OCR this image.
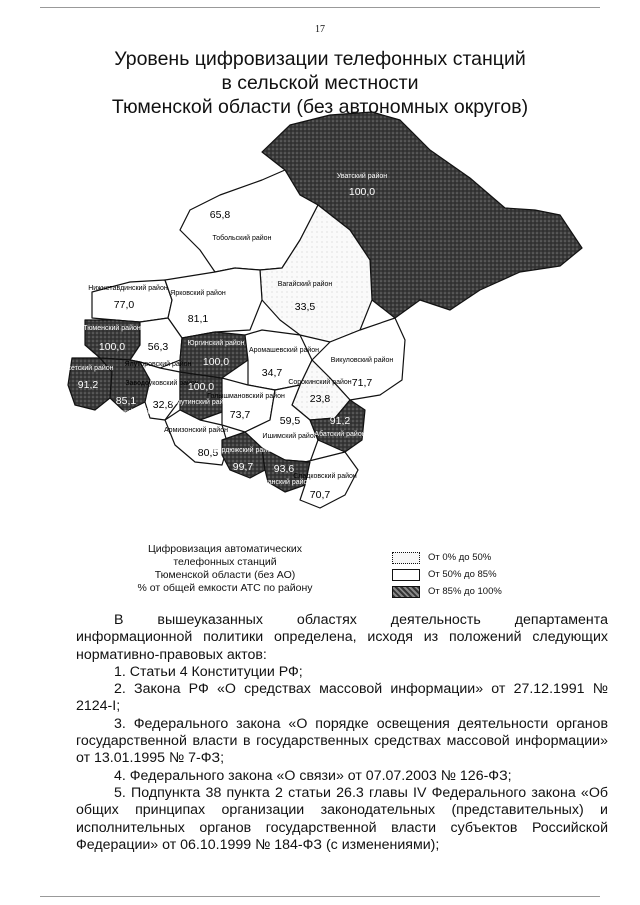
17
Уровень цифровизации телефонных станций
в сельской местности
Тюменской области (без автономных округов)
Уватский район
100,0
65,8
Тобольский район
Вагайский район
33,5
Нижнетавдинский район
77,0
Ярковский район
81,1
Тюменский район
100,0 56,3
Ялуторовский район
Исетский район
91,2
85,1
Упоровский район
Заводоуковский район
32,8
100,0
Омутинский район
Юргинский район
100,0
Аромашевский район
34,7
Викуловский район
71,7
Сорокинский район
23,8
Голышмановский район
73,7	59,5
Ишимский район
91,2
Абатский район
Армизонский район
80,5
Бердюжский район
99,7 93,6
Казанский район
Сладковский район
70,7
Цифровизация автоматических
телефонных станций
Тюменской области (без АО)
% от общей емкости АТС по району
От 0% до 50%
От 50% до 85%
От 85% до 100%

В вышеуказанных областях деятельность департамента информационной политики определена, исходя из положений следующих нормативно-правовых актов:

1. Статьи 4 Конституции РФ;

2. Закона РФ «О средствах массовой информации» от 27.12.1991 № 2124-I;

3. Федерального закона «О порядке освещения деятельности органов государственной власти в государственных средствах массовой информации» от 13.01.1995 № 7-ФЗ;

4. Федерального закона «О связи» от 07.07.2003 № 126-ФЗ;

5. Подпункта 38 пункта 2 статьи 26.3 главы IV Федерального закона «Об общих принципах организации законодательных (представительных) и исполнительных органов государственной власти субъектов Российской Федерации» от 06.10.1999 № 184-ФЗ (с изменениями);
